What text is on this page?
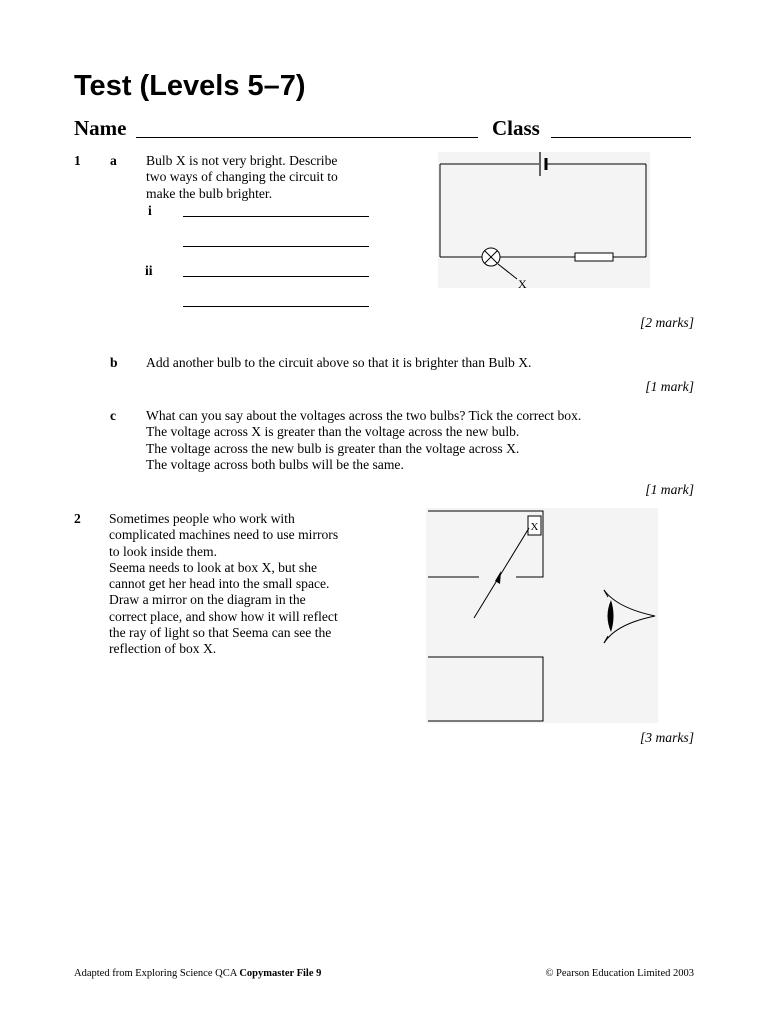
Test (Levels 5–7)
Name	Class
1 a Bulb X is not very bright. Describe
two ways of changing the circuit to
make the bulb brighter.
i
ii
X
[2 marks]
b Add another bulb to the circuit above so that it is brighter than Bulb X.
[1 mark]
c What can you say about the voltages across the two bulbs? Tick the correct box.
The voltage across X is greater than the voltage across the new bulb.
The voltage across the new bulb is greater than the voltage across X.
The voltage across both bulbs will be the same.
[1 mark]
2 Sometimes people who work with
complicated machines need to use mirrors
to look inside them.
Seema needs to look at box X, but she
cannot get her head into the small space.
Draw a mirror on the diagram in the
correct place, and show how it will reflect
the ray of light so that Seema can see the
reflection of box X.
X
[3 marks]
Adapted from Exploring Science QCA Copymaster File 9	© Pearson Education Limited 2003
